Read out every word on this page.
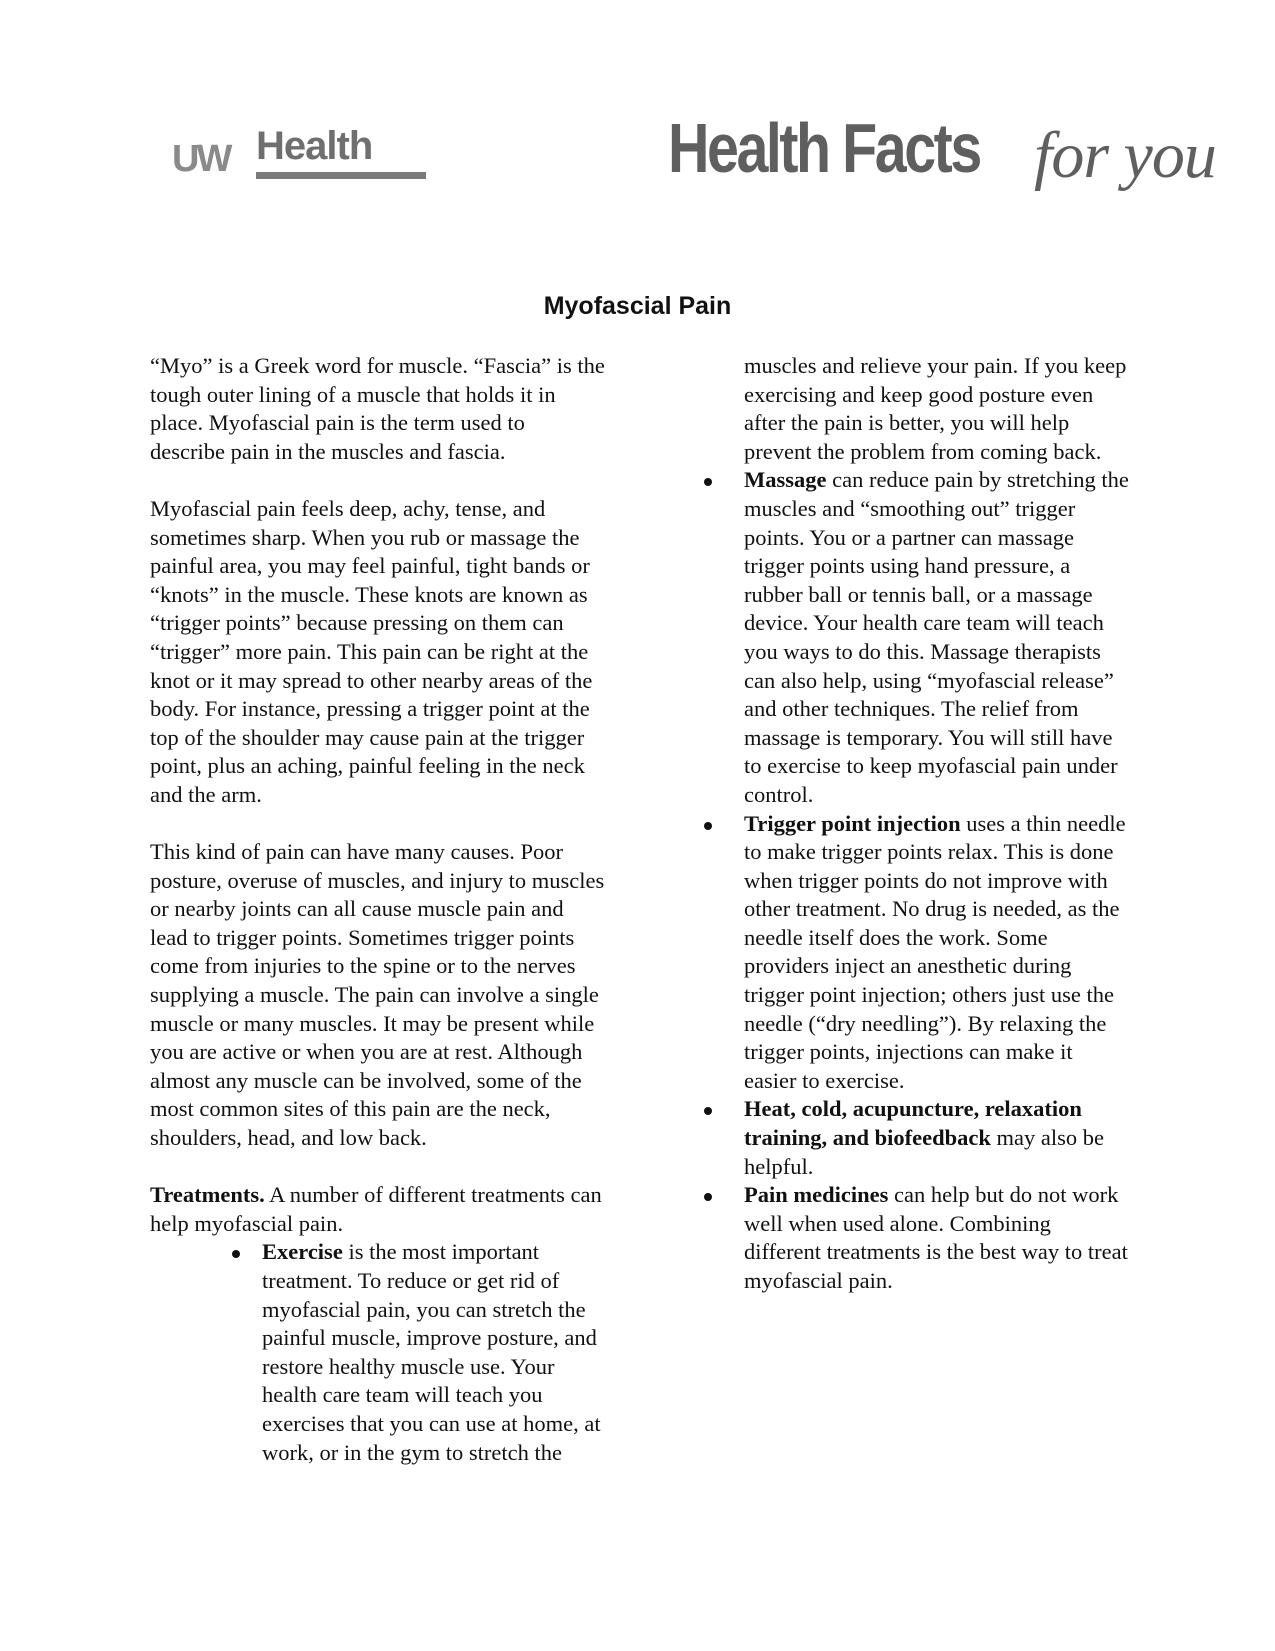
UW Health	Health Facts for you
Myofascial Pain

“Myo” is a Greek word for muscle. “Fascia” is the tough outer lining of a muscle that holds it in place. Myofascial pain is the term used to describe pain in the muscles and fascia.

Myofascial pain feels deep, achy, tense, and sometimes sharp. When you rub or massage the painful area, you may feel painful, tight bands or “knots” in the muscle. These knots are known as “trigger points” because pressing on them can “trigger” more pain. This pain can be right at the knot or it may spread to other nearby areas of the body. For instance, pressing a trigger point at the top of the shoulder may cause pain at the trigger point, plus an aching, painful feeling in the neck and the arm.

This kind of pain can have many causes. Poor posture, overuse of muscles, and injury to muscles or nearby joints can all cause muscle pain and lead to trigger points. Sometimes trigger points come from injuries to the spine or to the nerves supplying a muscle. The pain can involve a single muscle or many muscles. It may be present while you are active or when you are at rest. Although almost any muscle can be involved, some of the most common sites of this pain are the neck, shoulders, head, and low back.

Treatments. A number of different treatments can help myofascial pain.

Exercise is the most important treatment. To reduce or get rid of myofascial pain, you can stretch the painful muscle, improve posture, and restore healthy muscle use. Your health care team will teach you exercises that you can use at home, at work, or in the gym to stretch the

muscles and relieve your pain. If you keep exercising and keep good posture even after the pain is better, you will help prevent the problem from coming back.

Massage can reduce pain by stretching the muscles and “smoothing out” trigger points. You or a partner can massage trigger points using hand pressure, a rubber ball or tennis ball, or a massage device. Your health care team will teach you ways to do this. Massage therapists can also help, using “myofascial release” and other techniques. The relief from massage is temporary. You will still have to exercise to keep myofascial pain under control.
Trigger point injection uses a thin needle to make trigger points relax. This is done when trigger points do not improve with other treatment. No drug is needed, as the needle itself does the work. Some providers inject an anesthetic during trigger point injection; others just use the needle (“dry needling”). By relaxing the trigger points, injections can make it easier to exercise.
Heat, cold, acupuncture, relaxation training, and biofeedback may also be helpful.
Pain medicines can help but do not work well when used alone. Combining different treatments is the best way to treat myofascial pain.
